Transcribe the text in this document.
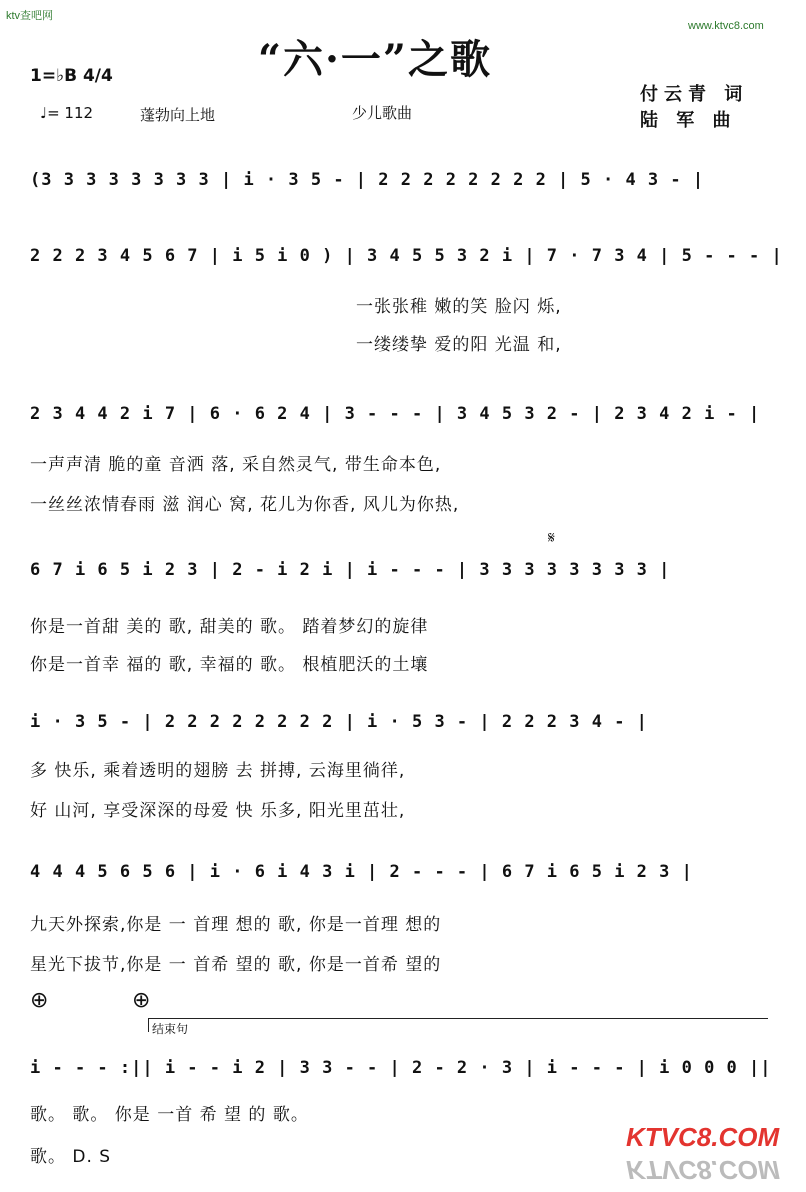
ktv查吧网
www.ktvc8.com
“六·一”之歌
1=♭B 4/4
♩= 112	蓬勃向上地	少儿歌曲
付云青 词
陆 军 曲
(3 3 3 3 3 3 3 3 | i · 3 5 - | 2 2 2 2 2 2 2 2 | 5 · 4 3 - |
2 2 2 3 4 5 6 7 | i 5 i 0 ) | 3 4 5 5 3 2 i | 7 · 7 3 4 | 5 - - - |
一张张稚 嫩的笑 脸闪 烁,
一缕缕挚 爱的阳 光温 和,
2 3 4 4 2 i 7 | 6 · 6 2 4 | 3 - - - | 3 4 5 3 2 - | 2 3 4 2 i - |
一声声清 脆的童 音洒 落, 采自然灵气, 带生命本色,
一丝丝浓情春雨 滋 润心 窝, 花儿为你香, 风儿为你热,
𝄋
6 7 i 6 5 i 2 3 | 2 - i 2 i | i - - - | 3 3 3 3 3 3 3 3 |
你是一首甜 美的 歌, 甜美的 歌。 踏着梦幻的旋律
你是一首幸 福的 歌, 幸福的 歌。 根植肥沃的土壤
i · 3 5 - | 2 2 2 2 2 2 2 2 | i · 5 3 - | 2 2 2 3 4 - |
多 快乐, 乘着透明的翅膀 去 拼搏, 云海里徜徉,
好 山河, 享受深深的母爱 快 乐多, 阳光里茁壮,
4 4 4 5 6 5 6 | i · 6 i 4 3 i | 2 - - - | 6 7 i 6 5 i 2 3 |
九天外探索,你是 一 首理 想的 歌, 你是一首理 想的
星光下拔节,你是 一 首希 望的 歌, 你是一首希 望的
⊕	⊕
结束句
i - - - :|| i - - i 2 | 3 3 - - | 2 - 2 · 3 | i - - - | i 0 0 0 ||
歌。 歌。 你是 一首 希 望 的 歌。
歌。 D. S
KTVC8.COM
KTVC8.COM
